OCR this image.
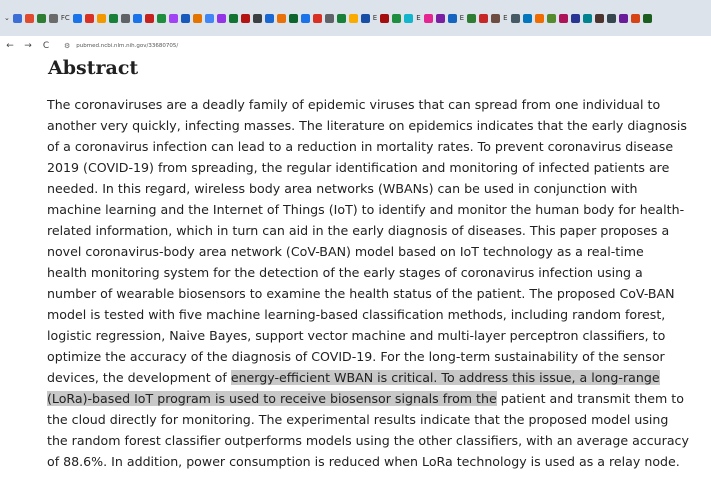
⌄	FC	E	E	E	E
←	→	C	⚙ pubmed.ncbi.nlm.nih.gov/33680705/
Abstract
The coronaviruses are a deadly family of epidemic viruses that can spread from one individual to
another very quickly, infecting masses. The literature on epidemics indicates that the early diagnosis
of a coronavirus infection can lead to a reduction in mortality rates. To prevent coronavirus disease
2019 (COVID-19) from spreading, the regular identification and monitoring of infected patients are
needed. In this regard, wireless body area networks (WBANs) can be used in conjunction with
machine learning and the Internet of Things (IoT) to identify and monitor the human body for health-
related information, which in turn can aid in the early diagnosis of diseases. This paper proposes a
novel coronavirus-body area network (CoV-BAN) model based on IoT technology as a real-time
health monitoring system for the detection of the early stages of coronavirus infection using a
number of wearable biosensors to examine the health status of the patient. The proposed CoV-BAN
model is tested with five machine learning-based classification methods, including random forest,
logistic regression, Naive Bayes, support vector machine and multi-layer perceptron classifiers, to
optimize the accuracy of the diagnosis of COVID-19. For the long-term sustainability of the sensor
devices, the development of energy-efficient WBAN is critical. To address this issue, a long-range
(LoRa)-based IoT program is used to receive biosensor signals from the patient and transmit them to
the cloud directly for monitoring. The experimental results indicate that the proposed model using
the random forest classifier outperforms models using the other classifiers, with an average accuracy
of 88.6%. In addition, power consumption is reduced when LoRa technology is used as a relay node.
